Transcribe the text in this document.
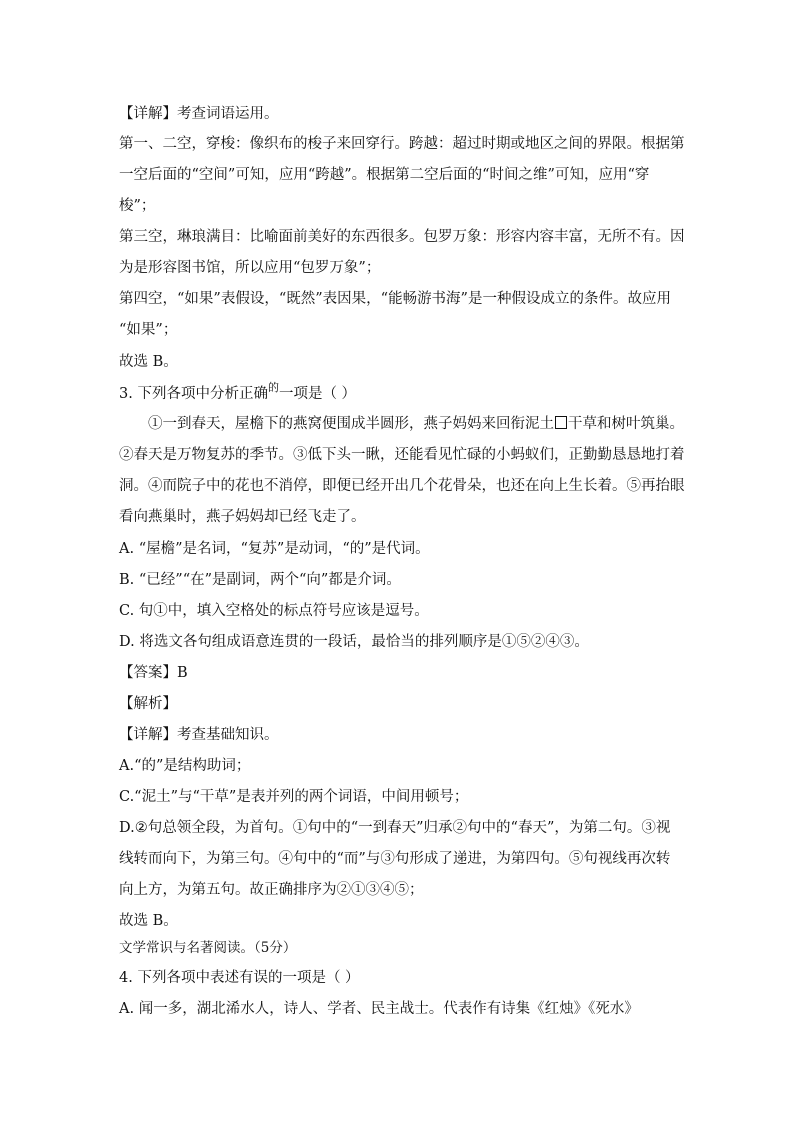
【详解】考查词语运用。
第一、二空，穿梭：像织布的梭子来回穿行。跨越：超过时期或地区之间的界限。根据第
一空后面的“空间”可知，应用“跨越”。根据第二空后面的“时间之维”可知，应用“穿
梭”；
第三空，琳琅满目：比喻面前美好的东西很多。包罗万象：形容内容丰富，无所不有。因
为是形容图书馆，所以应用“包罗万象”；
第四空，“如果”表假设，“既然”表因果，“能畅游书海”是一种假设成立的条件。故应用
“如果”；
故选 B。
3. 下列各项中分析正确$^的$一项是（ ）
①一到春天，屋檐下的燕窝便围成半圆形，燕子妈妈来回衔泥土 干草和树叶筑巢。
②春天是万物复苏的季节。③低下头一瞅，还能看见忙碌的小蚂蚁们，正勤勤恳恳地打着
洞。④而院子中的花也不消停，即便已经开出几个花骨朵，也还在向上生长着。⑤再抬眼
看向燕巢时，燕子妈妈却已经飞走了。
A. “屋檐”是名词，“复苏”是动词，“的”是代词。
B. “已经”“在”是副词，两个“向”都是介词。
C. 句①中，填入空格处的标点符号应该是逗号。
D. 将选文各句组成语意连贯的一段话，最恰当的排列顺序是①⑤②④③。
【答案】B
【解析】
【详解】考查基础知识。
A.“的”是结构助词；
C.“泥土”与“干草”是表并列的两个词语，中间用顿号；
D.②句总领全段，为首句。①句中的“一到春天”归承②句中的“春天”，为第二句。③视
线转而向下，为第三句。④句中的“而”与③句形成了递进，为第四句。⑤句视线再次转
向上方，为第五句。故正确排序为②①③④⑤；
故选 B。
文学常识与名著阅读。（5分）
4. 下列各项中表述有误的一项是（ ）
A. 闻一多，湖北浠水人，诗人、学者、民主战士。代表作有诗集《红烛》《死水》
